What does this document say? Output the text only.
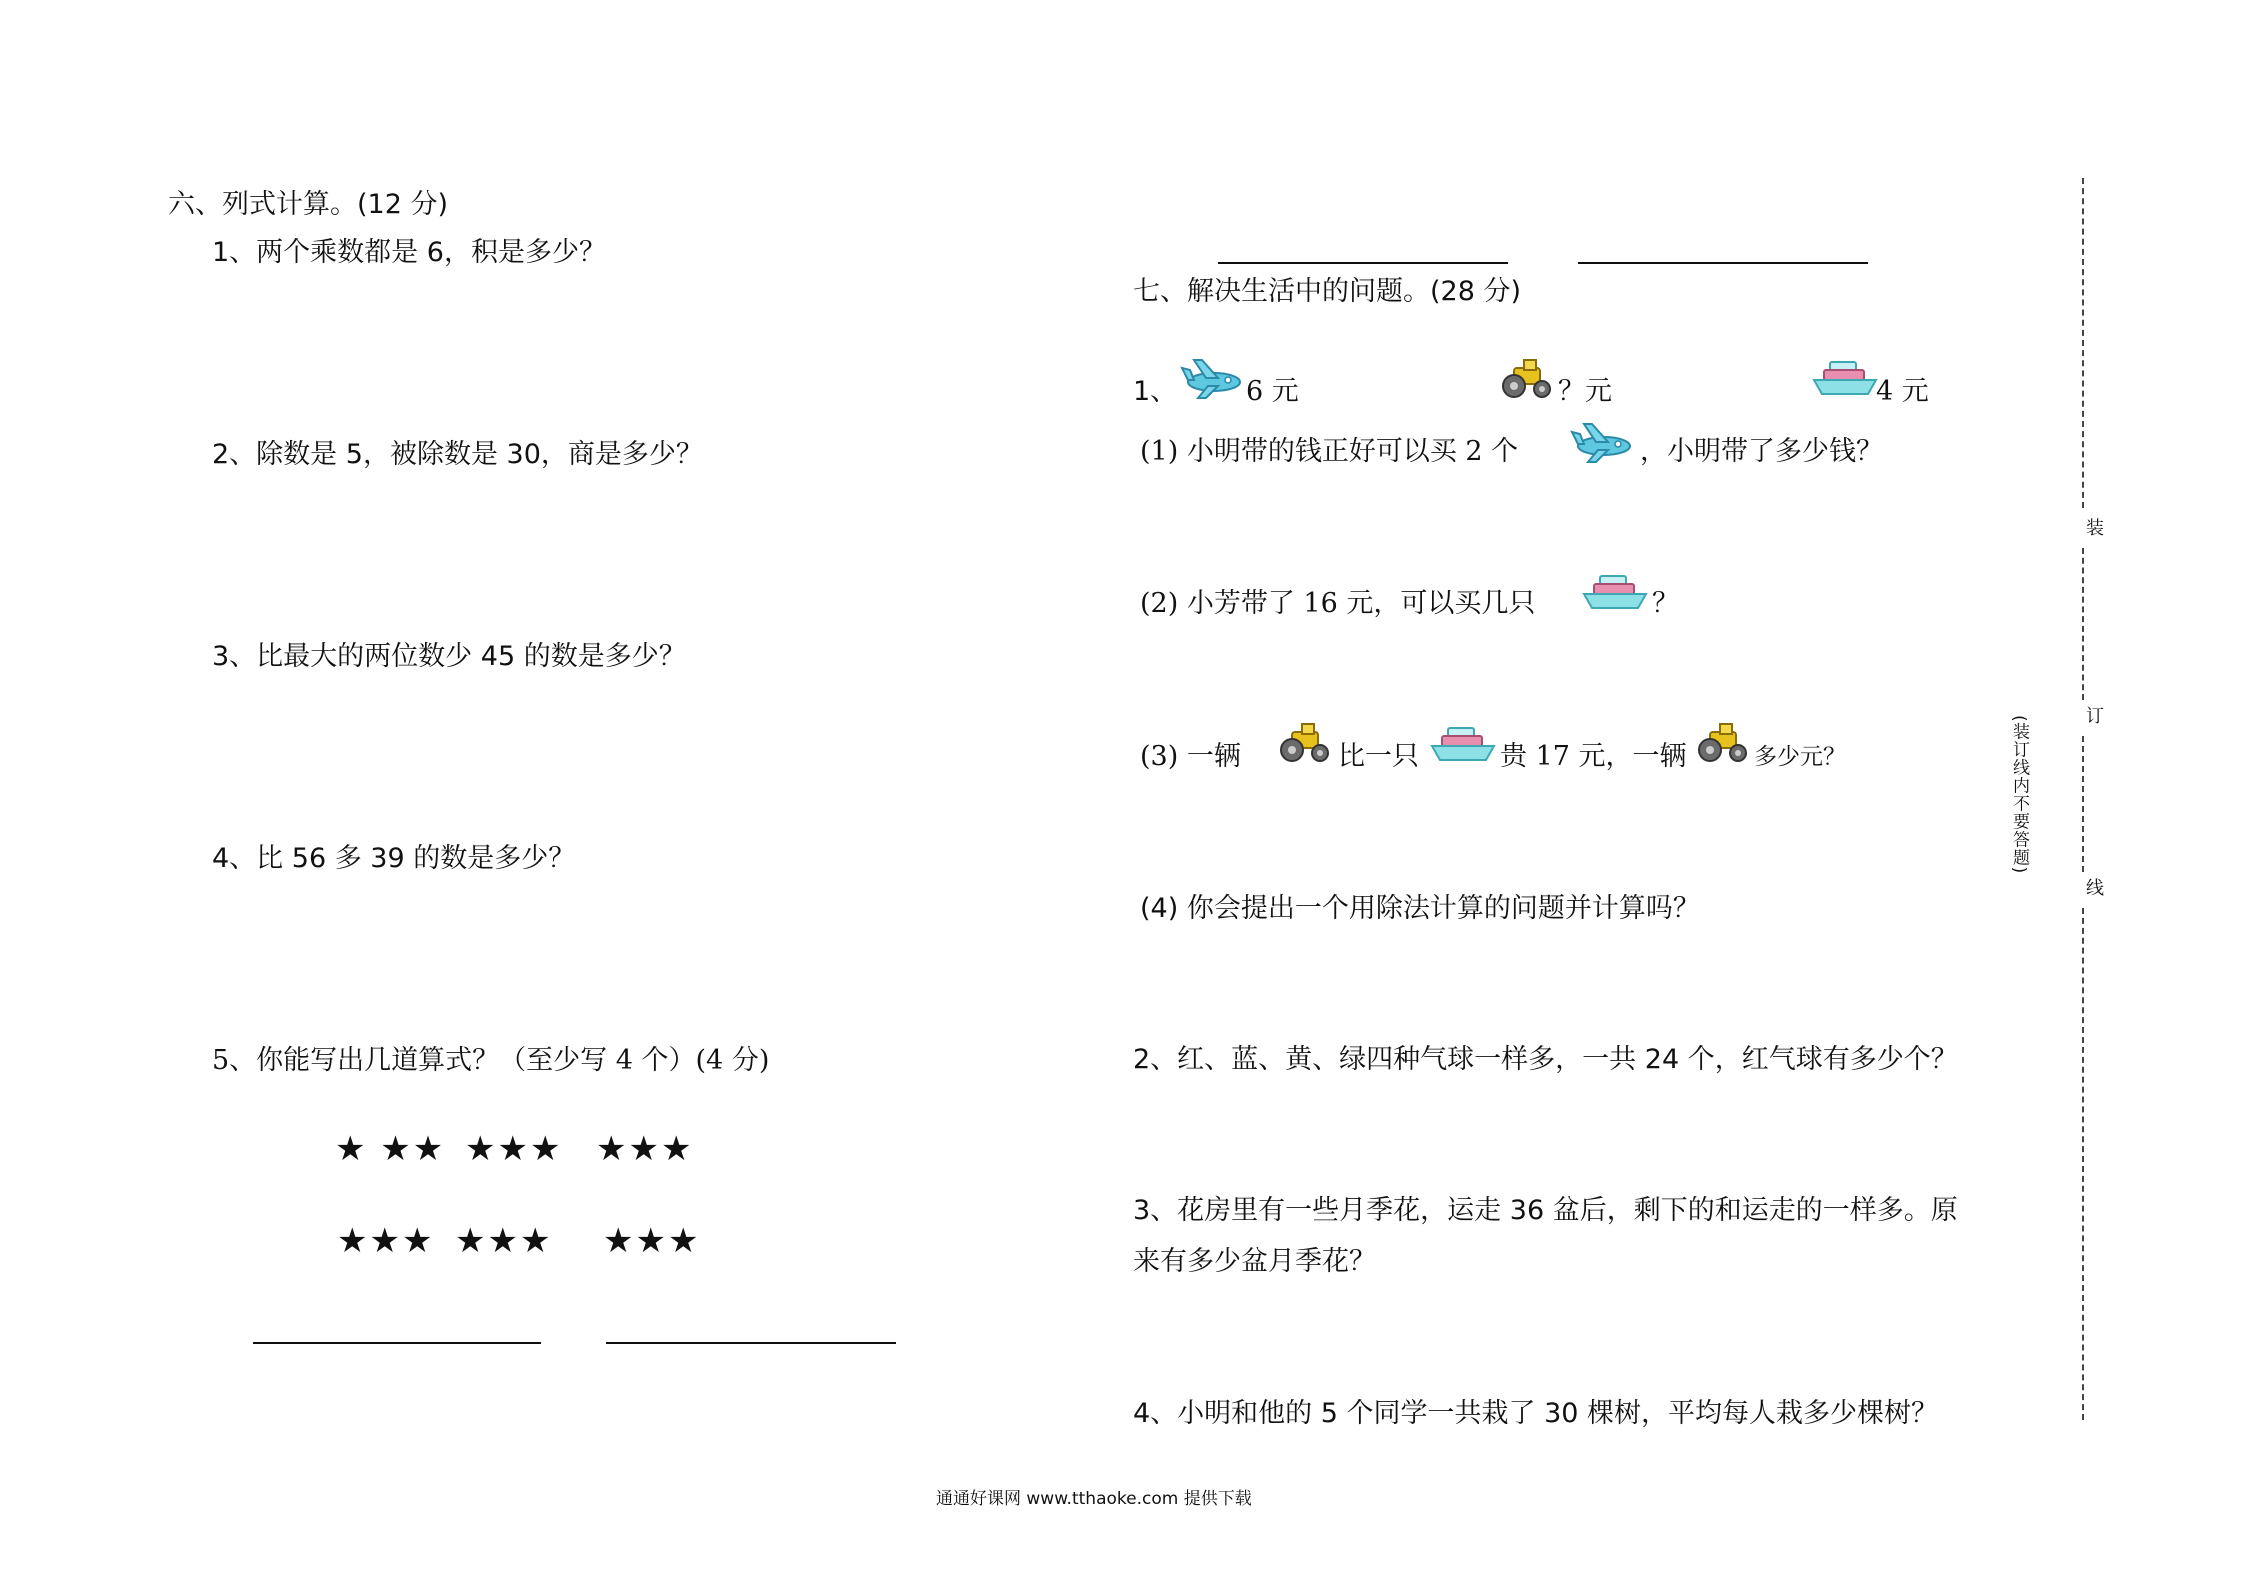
六、列式计算。(12 分)
1、两个乘数都是 6，积是多少？
2、除数是 5，被除数是 30，商是多少？
3、比最大的两位数少 45 的数是多少？
4、比 56 多 39 的数是多少？
5、你能写出几道算式？（至少写 4 个）(4 分)
★ ★★ ★★★ ★★★
★★★ ★★★ ★★★
七、解决生活中的问题。(28 分)
1、	6 元	？元	4 元
(1) 小明带的钱正好可以买 2 个	，小明带了多少钱？
(2) 小芳带了 16 元，可以买几只	？
(3) 一辆	比一只	贵 17 元，一辆	多少元？
(4) 你会提出一个用除法计算的问题并计算吗？
2、红、蓝、黄、绿四种气球一样多，一共 24 个，红气球有多少个？
3、花房里有一些月季花，运走 36 盆后，剩下的和运走的一样多。原
来有多少盆月季花？
4、小明和他的 5 个同学一共栽了 30 棵树，平均每人栽多少棵树？
装
订
线
(装订线内不要答题)
通通好课网 www.tthaoke.com 提供下载
